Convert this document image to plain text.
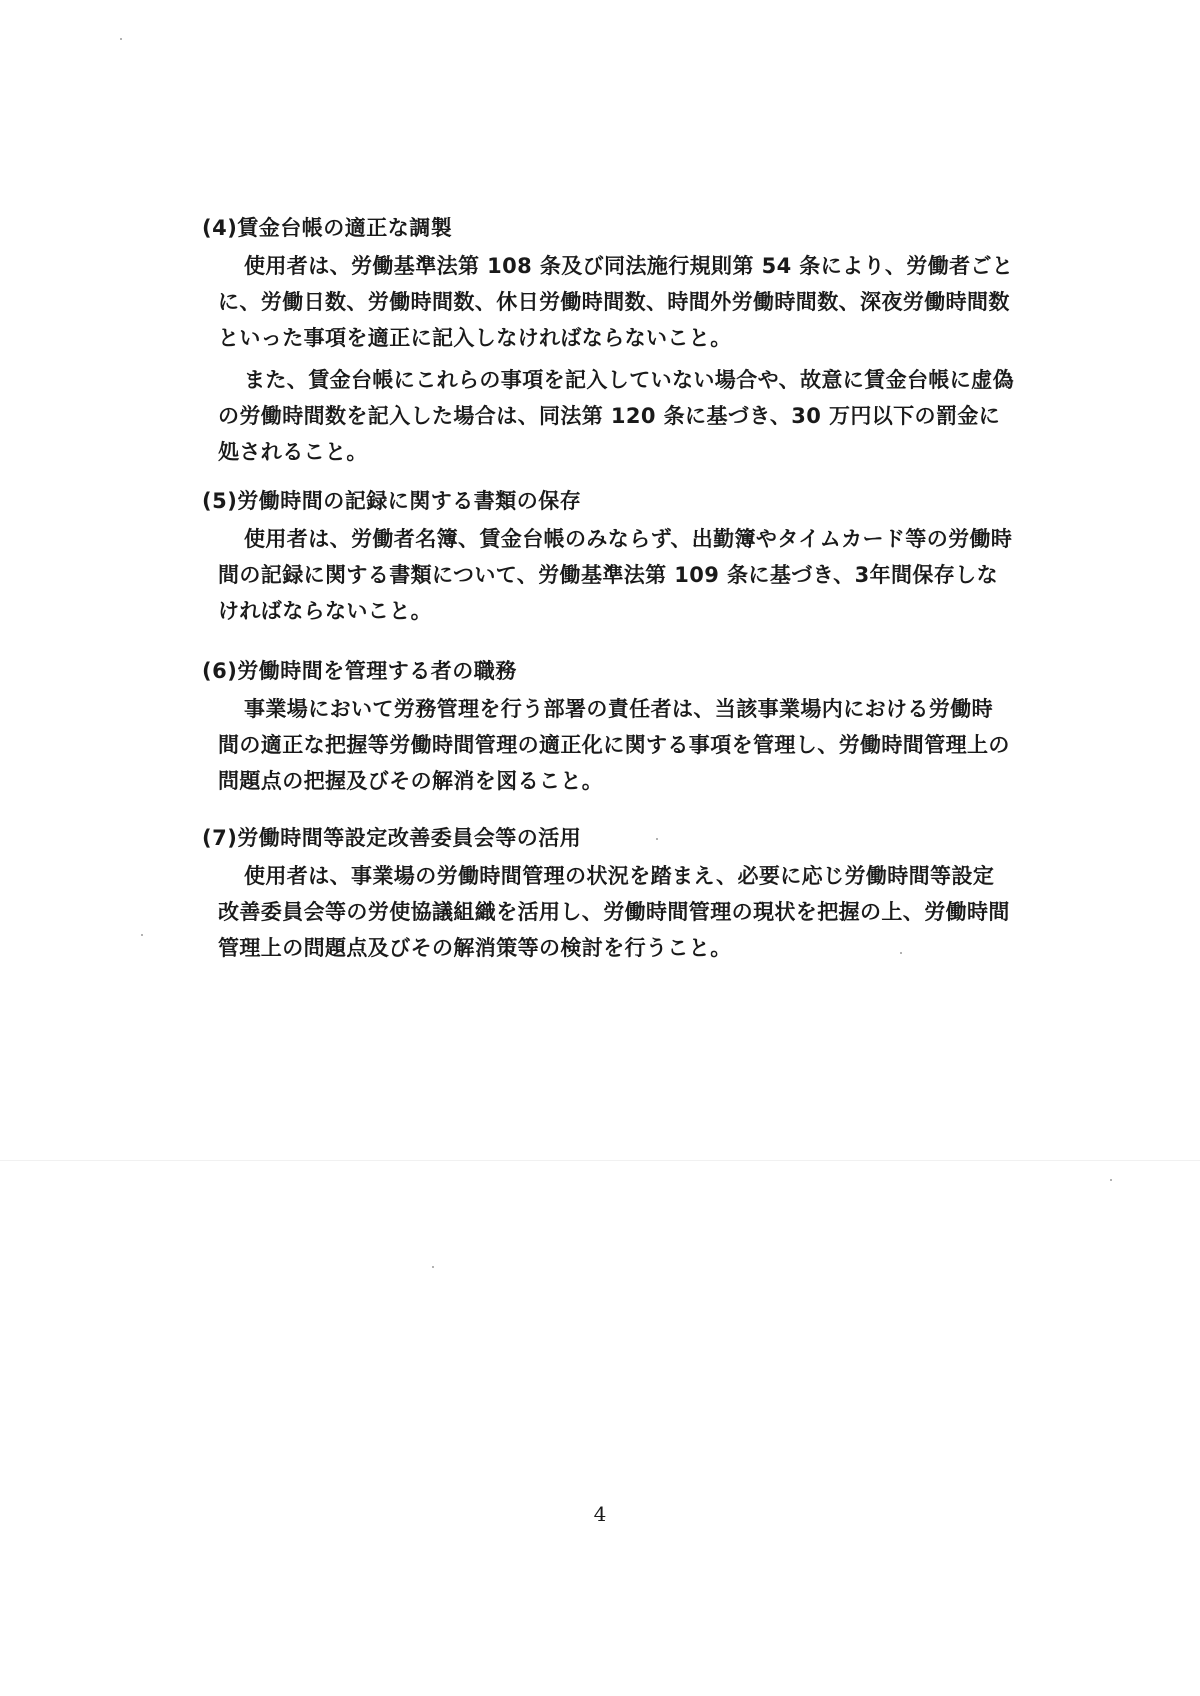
(4)賃金台帳の適正な調製

使用者は、労働基準法第 108 条及び同法施行規則第 54 条により、労働者ごとに、労働日数、労働時間数、休日労働時間数、時間外労働時間数、深夜労働時間数といった事項を適正に記入しなければならないこと。

また、賃金台帳にこれらの事項を記入していない場合や、故意に賃金台帳に虚偽の労働時間数を記入した場合は、同法第 120 条に基づき、30 万円以下の罰金に処されること。

(5)労働時間の記録に関する書類の保存

使用者は、労働者名簿、賃金台帳のみならず、出勤簿やタイムカード等の労働時間の記録に関する書類について、労働基準法第 109 条に基づき、3年間保存しなければならないこと。

(6)労働時間を管理する者の職務

事業場において労務管理を行う部署の責任者は、当該事業場内における労働時間の適正な把握等労働時間管理の適正化に関する事項を管理し、労働時間管理上の問題点の把握及びその解消を図ること。

(7)労働時間等設定改善委員会等の活用

使用者は、事業場の労働時間管理の状況を踏まえ、必要に応じ労働時間等設定改善委員会等の労使協議組織を活用し、労働時間管理の現状を把握の上、労働時間管理上の問題点及びその解消策等の検討を行うこと。

4
